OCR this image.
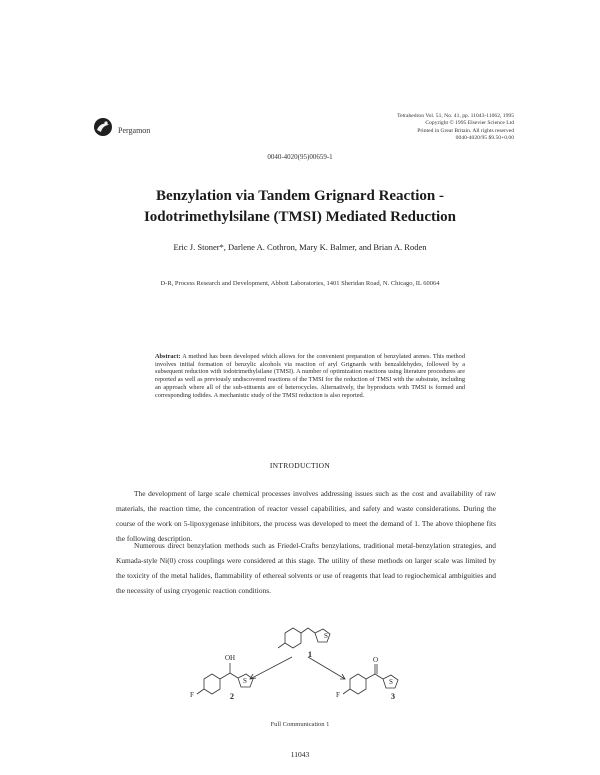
Pergamon
Tetrahedron Vol. 51, No. 41, pp. 11043-11062, 1995
Copyright © 1995 Elsevier Science Ltd
Printed in Great Britain. All rights reserved
0040-4020/95 $9.50+0.00
0040-4020(95)00659-1
Benzylation via Tandem Grignard Reaction -
Iodotrimethylsilane (TMSI) Mediated Reduction
Eric J. Stoner*, Darlene A. Cothron, Mary K. Balmer, and Brian A. Roden
D-R, Process Research and Development, Abbott Laboratories, 1401 Sheridan Road, N. Chicago, IL 60064
Abstract: A method has been developed which allows for the convenient preparation of benzylated arenes. This method involves initial formation of benzylic alcohols via reaction of aryl Grignards with benzaldehydes, followed by a subsequent reduction with iodotrimethylsilane (TMSI). A number of optimization reactions using literature procedures are reported as well as previously undiscovered reactions of the TMSI for the reduction of TMSI with the substrate, including an approach where all of the sub-stituents are of heterocycles. Alternatively, the byproducts with TMSI is formed and corresponding iodides. A mechanistic study of the TMSI reduction is also reported.
INTRODUCTION
The development of large scale chemical processes involves addressing issues such as the cost and availability of raw materials, the reaction time, the concentration of reactor vessel capabilities, and safety and waste considerations. During the course of the work on 5-lipoxygenase inhibitors, the process was developed to meet the demand of 1. The above thiophene fits the following description.
Numerous direct benzylation methods such as Friedel-Crafts benzylations, traditional metal-benzylation strategies, and Kumada-style Ni(0) cross couplings were considered at this stage. The utility of these methods on larger scale was limited by the toxicity of the metal halides, flammability of ethereal solvents or use of reagents that lead to regiochemical ambiguities and the necessity of using cryogenic reaction conditions.
S
1
OH
F
S
2
O
F
S
3
Full Communication 1
11043
